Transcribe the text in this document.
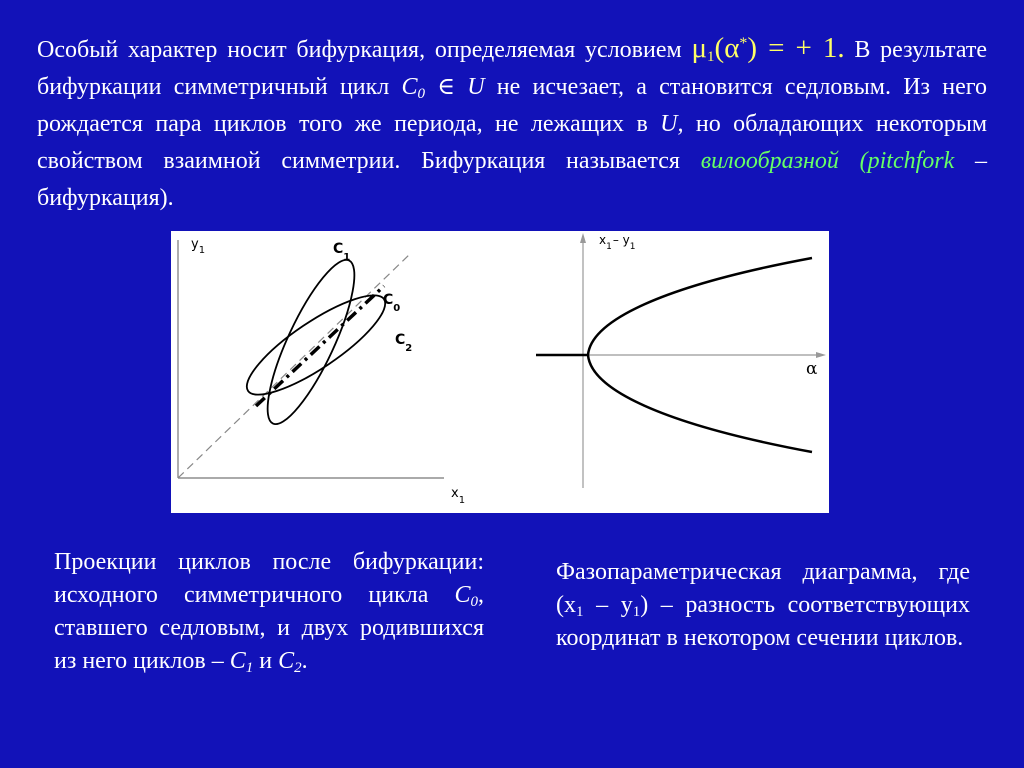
Особый характер носит бифуркация, определяемая условием $\mu_1(\alpha^*)$ = + 1. В результате бифуркации симметричный цикл $C_0$ ∈ U не исчезает, а становится седловым. Из него рождается пара циклов того же периода, не лежащих в U, но обладающих некоторым свойством взаимной симметрии. Бифуркация называется вилообразной (pitchfork – бифуркация).
$y_1$
$x_1$
$C_1$
$C_0$
$C_2$
$x_1-$ $y_1$
α
Проекции циклов после бифуркации: исходного симметричного цикла $C_0$, ставшего седловым, и двух родившихся из него циклов – $C_1$ и $C_2$.
Фазопараметрическая диаграмма, где $(x_1 - y_1)$ – разность соответствующих координат в некотором сечении циклов.
